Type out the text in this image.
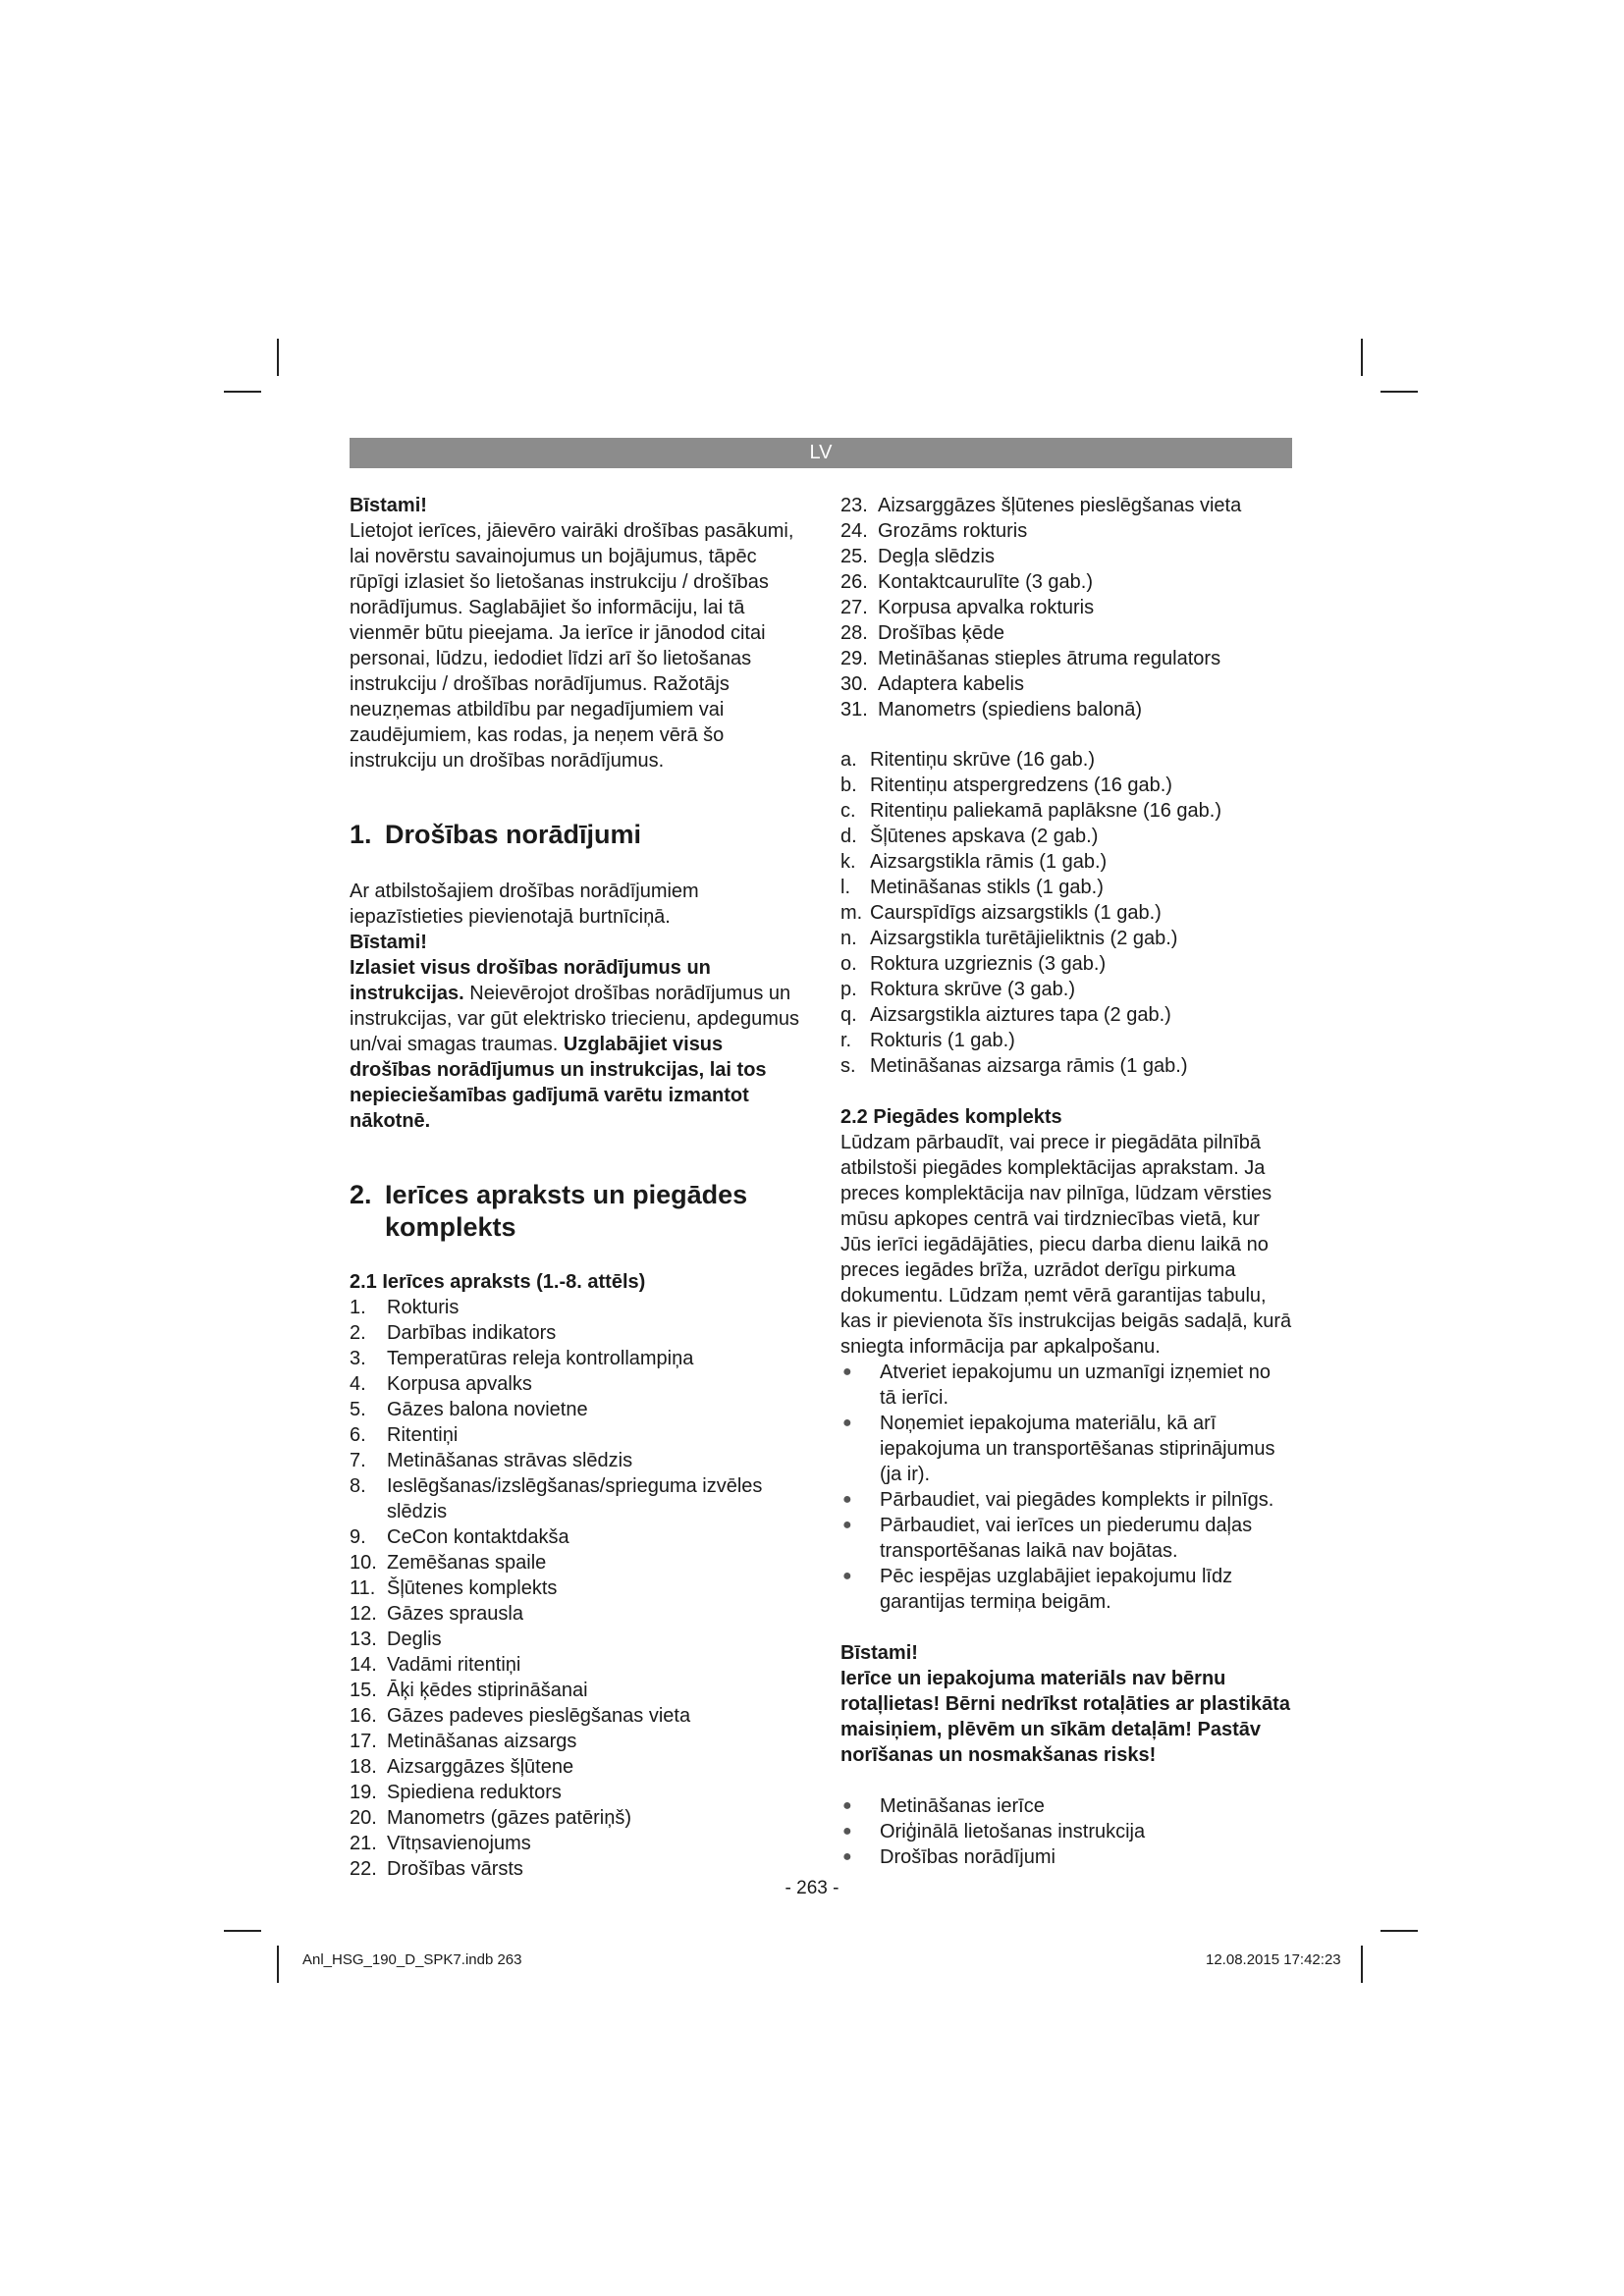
LV

Bīstami!

Lietojot ierīces, jāievēro vairāki drošības pasākumi, lai novērstu savainojumus un bojājumus, tāpēc rūpīgi izlasiet šo lietošanas instrukciju / drošības norādījumus. Saglabājiet šo informāciju, lai tā vienmēr būtu pieejama. Ja ierīce ir jānodod citai personai, lūdzu, iedodiet līdzi arī šo lietošanas instrukciju / drošības norādījumus. Ražotājs neuzņemas atbildību par negadījumiem vai zaudējumiem, kas rodas, ja neņem vērā šo instrukciju un drošības norādījumus.

1. Drošības norādījumi

Ar atbilstošajiem drošības norādījumiem iepazīstieties pievienotajā burtnīciņā.

Bīstami!

Izlasiet visus drošības norādījumus un instrukcijas. Neievērojot drošības norādījumus un instrukcijas, var gūt elektrisko triecienu, apdegumus un/vai smagas traumas. Uzglabājiet visus drošības norādījumus un instrukcijas, lai tos nepieciešamības gadījumā varētu izmantot nākotnē.

2. Ierīces apraksts un piegādes
komplekts

2.1 Ierīces apraksts (1.-8. attēls)

1. Rokturis
2. Darbības indikators
3. Temperatūras releja kontrollampiņa
4. Korpusa apvalks
5. Gāzes balona novietne
6. Ritentiņi
7. Metināšanas strāvas slēdzis
8. Ieslēgšanas/izslēgšanas/sprieguma izvēles slēdzis
9. CeCon kontaktdakša
10. Zemēšanas spaile
11. Šļūtenes komplekts
12. Gāzes sprausla
13. Deglis
14. Vadāmi ritentiņi
15. Āķi ķēdes stiprināšanai
16. Gāzes padeves pieslēgšanas vieta
17. Metināšanas aizsargs
18. Aizsarggāzes šļūtene
19. Spiediena reduktors
20. Manometrs (gāzes patēriņš)
21. Vītņsavienojums
22. Drošības vārsts
23. Aizsarggāzes šļūtenes pieslēgšanas vieta
24. Grozāms rokturis
25. Degļa slēdzis
26. Kontaktcaurulīte (3 gab.)
27. Korpusa apvalka rokturis
28. Drošības ķēde
29. Metināšanas stieples ātruma regulators
30. Adaptera kabelis
31. Manometrs (spiediens balonā)
a. Ritentiņu skrūve (16 gab.)
b. Ritentiņu atspergredzens (16 gab.)
c. Ritentiņu paliekamā paplāksne (16 gab.)
d. Šļūtenes apskava (2 gab.)
k. Aizsargstikla rāmis (1 gab.)
l. Metināšanas stikls (1 gab.)
m. Caurspīdīgs aizsargstikls (1 gab.)
n. Aizsargstikla turētājieliktnis (2 gab.)
o. Roktura uzgrieznis (3 gab.)
p. Roktura skrūve (3 gab.)
q. Aizsargstikla aiztures tapa (2 gab.)
r. Rokturis (1 gab.)
s. Metināšanas aizsarga rāmis (1 gab.)

2.2 Piegādes komplekts

Lūdzam pārbaudīt, vai prece ir piegādāta pilnībā atbilstoši piegādes komplektācijas aprakstam. Ja preces komplektācija nav pilnīga, lūdzam vērsties mūsu apkopes centrā vai tirdzniecības vietā, kur Jūs ierīci iegādājāties, piecu darba dienu laikā no preces iegādes brīža, uzrādot derīgu pirkuma dokumentu. Lūdzam ņemt vērā garantijas tabulu, kas ir pievienota šīs instrukcijas beigās sadaļā, kurā sniegta informācija par apkalpošanu.

● Atveriet iepakojumu un uzmanīgi izņemiet no tā ierīci.
● Noņemiet iepakojuma materiālu, kā arī iepakojuma un transportēšanas stiprinājumus (ja ir).
● Pārbaudiet, vai piegādes komplekts ir pilnīgs.
● Pārbaudiet, vai ierīces un piederumu daļas transportēšanas laikā nav bojātas.
● Pēc iespējas uzglabājiet iepakojumu līdz garantijas termiņa beigām.

Bīstami!

Ierīce un iepakojuma materiāls nav bērnu rotaļlietas! Bērni nedrīkst rotaļāties ar plastikāta maisiņiem, plēvēm un sīkām detaļām! Pastāv norīšanas un nosmakšanas risks!

● Metināšanas ierīce
● Oriģinālā lietošanas instrukcija
● Drošības norādījumi
- 263 -
Anl_HSG_190_D_SPK7.indb 263	12.08.2015 17:42:23
